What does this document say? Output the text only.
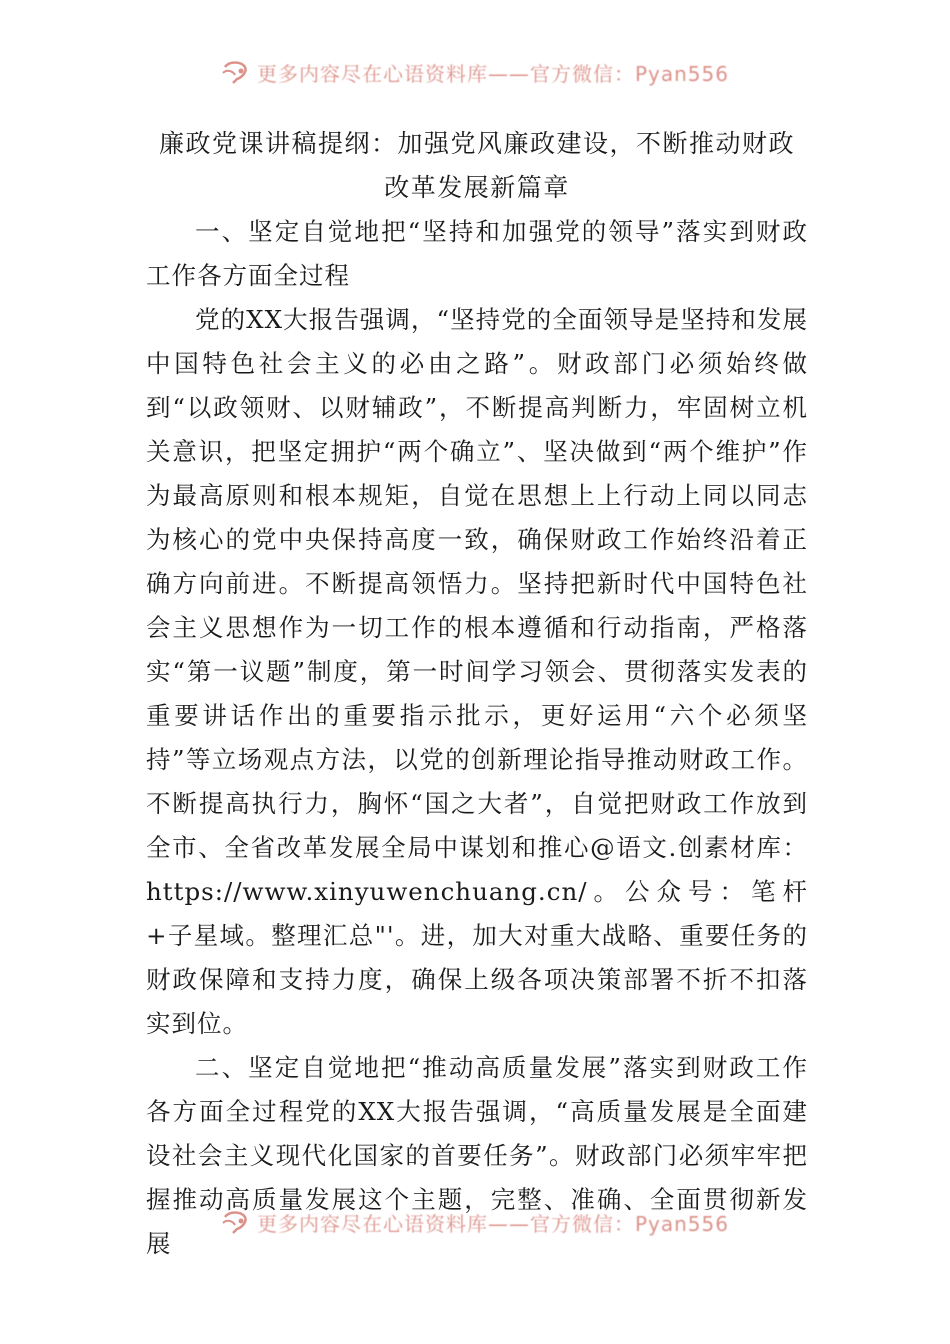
更多内容尽在心语资料库——官方微信：Pyan556
廉政党课讲稿提纲：加强党风廉政建设，不断推动财政改革发展新篇章

一、坚定自觉地把“坚持和加强党的领导”落实到财政工作各方面全过程

党的XX大报告强调，“坚持党的全面领导是坚持和发展中国特色社会主义的必由之路”。财政部门必须始终做到“以政领财、以财辅政”，不断提高判断力，牢固树立机关意识，把坚定拥护“两个确立”、坚决做到“两个维护”作为最高原则和根本规矩，自觉在思想上上行动上同以同志为核心的党中央保持高度一致，确保财政工作始终沿着正确方向前进。不断提高领悟力。坚持把新时代中国特色社会主义思想作为一切工作的根本遵循和行动指南，严格落实“第一议题”制度，第一时间学习领会、贯彻落实发表的重要讲话作出的重要指示批示，更好运用“六个必须坚持”等立场观点方法，以党的创新理论指导推动财政工作。不断提高执行力，胸怀“国之大者”，自觉把财政工作放到全市、全省改革发展全局中谋划和推心@语文.创素材库：https://www.xinyuwenchuang.cn/。公众号：笔杆+子星域。整理汇总"'。进，加大对重大战略、重要任务的财政保障和支持力度，确保上级各项决策部署不折不扣落实到位。

二、坚定自觉地把“推动高质量发展”落实到财政工作各方面全过程党的XX大报告强调，“高质量发展是全面建设社会主义现代化国家的首要任务”。财政部门必须牢牢把握推动高质量发展这个主题，完整、准确、全面贯彻新发展

更多内容尽在心语资料库——官方微信：Pyan556
